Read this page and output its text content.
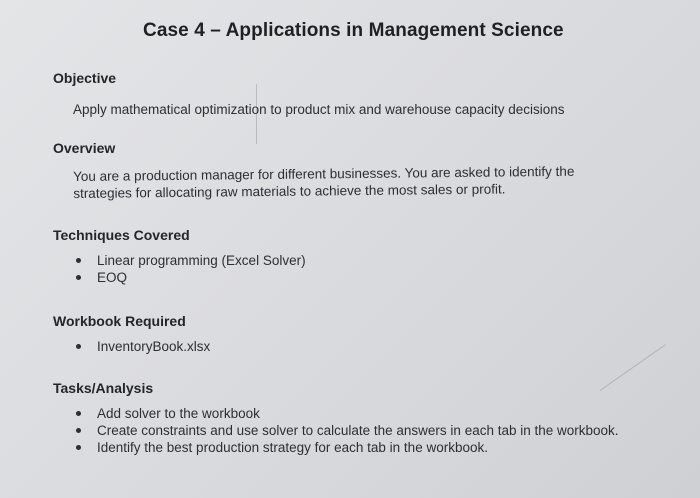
Case 4 – Applications in Management Science
Objective
Apply mathematical optimization to product mix and warehouse capacity decisions
Overview
You are a production manager for different businesses. You are asked to identify the
strategies for allocating raw materials to achieve the most sales or profit.
Techniques Covered
Linear programming (Excel Solver)
EOQ
Workbook Required
InventoryBook.xlsx
Tasks/Analysis
Add solver to the workbook
Create constraints and use solver to calculate the answers in each tab in the workbook.
Identify the best production strategy for each tab in the workbook.
